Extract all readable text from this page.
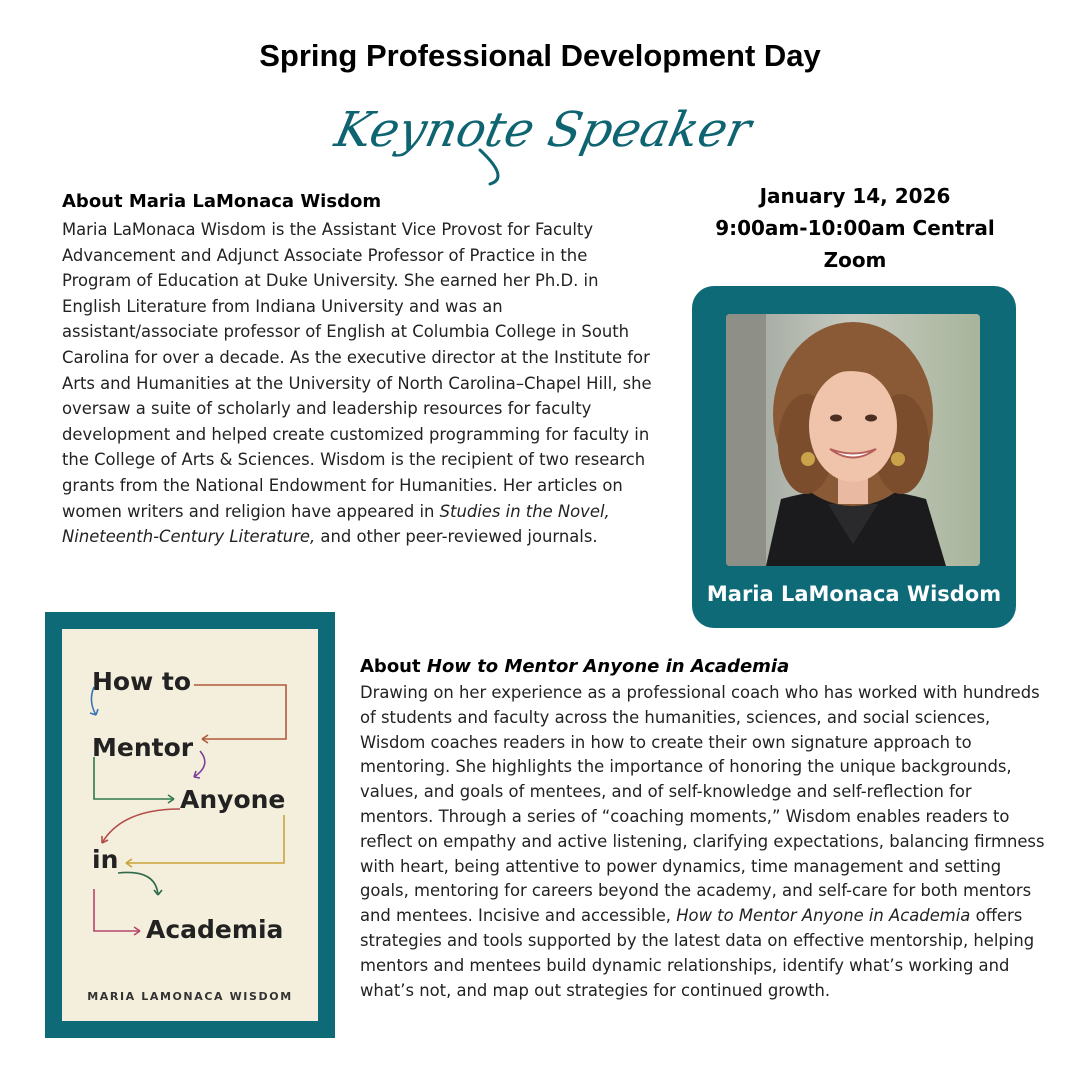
Spring Professional Development Day
Keynote Speaker
About Maria LaMonaca Wisdom

Maria LaMonaca Wisdom is the Assistant Vice Provost for Faculty Advancement and Adjunct Associate Professor of Practice in the Program of Education at Duke University. She earned her Ph.D. in English Literature from Indiana University and was an assistant/associate professor of English at Columbia College in South Carolina for over a decade. As the executive director at the Institute for Arts and Humanities at the University of North Carolina–Chapel Hill, she oversaw a suite of scholarly and leadership resources for faculty development and helped create customized programming for faculty in the College of Arts & Sciences. Wisdom is the recipient of two research grants from the National Endowment for Humanities. Her articles on women writers and religion have appeared in Studies in the Novel, Nineteenth-Century Literature, and other peer-reviewed journals.

January 14, 2026
9:00am-10:00am Central
Zoom
Maria LaMonaca Wisdom
How to
Mentor
Anyone
in
Academia
MARIA LAMONACA WISDOM
About How to Mentor Anyone in Academia

Drawing on her experience as a professional coach who has worked with hundreds of students and faculty across the humanities, sciences, and social sciences, Wisdom coaches readers in how to create their own signature approach to mentoring. She highlights the importance of honoring the unique backgrounds, values, and goals of mentees, and of self-knowledge and self-reflection for mentors. Through a series of “coaching moments,” Wisdom enables readers to reflect on empathy and active listening, clarifying expectations, balancing firmness with heart, being attentive to power dynamics, time management and setting goals, mentoring for careers beyond the academy, and self-care for both mentors and mentees. Incisive and accessible, How to Mentor Anyone in Academia offers strategies and tools supported by the latest data on effective mentorship, helping mentors and mentees build dynamic relationships, identify what’s working and what’s not, and map out strategies for continued growth.
